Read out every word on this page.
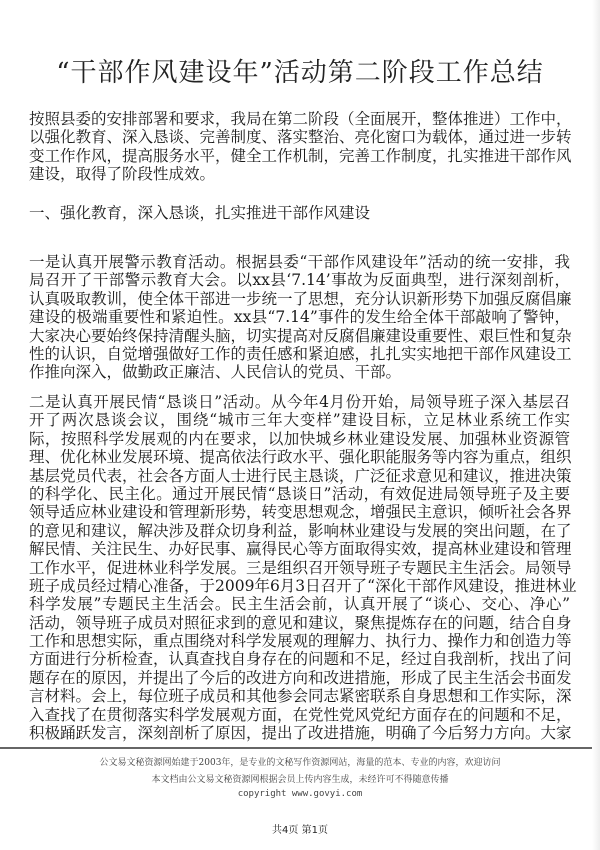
“干部作风建设年”活动第二阶段工作总结
按照县委的安排部署和要求，我局在第二阶段（全面展开，整体推进）工作中，
以强化教育、深入恳谈、完善制度、落实整治、亮化窗口为载体，通过进一步转
变工作作风，提高服务水平，健全工作机制，完善工作制度，扎实推进干部作风
建设，取得了阶段性成效。
一、强化教育，深入恳谈，扎实推进干部作风建设
一是认真开展警示教育活动。根据县委“干部作风建设年”活动的统一安排，我
局召开了干部警示教育大会。以xx县‘7.14’事故为反面典型，进行深刻剖析，
认真吸取教训，使全体干部进一步统一了思想，充分认识新形势下加强反腐倡廉
建设的极端重要性和紧迫性。xx县“7.14”事件的发生给全体干部敲响了警钟，
大家决心要始终保持清醒头脑，切实提高对反腐倡廉建设重要性、艰巨性和复杂
性的认识，自觉增强做好工作的责任感和紧迫感，扎扎实实地把干部作风建设工
作推向深入，做勤政正廉洁、人民信认的党员、干部。
二是认真开展民情“恳谈日”活动。从今年4月份开始，局领导班子深入基层召
开了两次恳谈会议，围绕“城市三年大变样”建设目标，立足林业系统工作实
际，按照科学发展观的内在要求，以加快城乡林业建设发展、加强林业资源管
理、优化林业发展环境、提高依法行政水平、强化职能服务等内容为重点，组织
基层党员代表，社会各方面人士进行民主恳谈，广泛征求意见和建议，推进决策
的科学化、民主化。通过开展民情“恳谈日”活动，有效促进局领导班子及主要
领导适应林业建设和管理新形势，转变思想观念，增强民主意识，倾听社会各界
的意见和建议，解决涉及群众切身利益，影响林业建设与发展的突出问题，在了
解民情、关注民生、办好民事、赢得民心等方面取得实效，提高林业建设和管理
工作水平，促进林业科学发展。三是组织召开领导班子专题民主生活会。局领导
班子成员经过精心准备，于2009年6月3日召开了“深化干部作风建设，推进林业
科学发展”专题民主生活会。民主生活会前，认真开展了“谈心、交心、净心”
活动，领导班子成员对照征求到的意见和建议，聚焦提炼存在的问题，结合自身
工作和思想实际，重点围绕对科学发展观的理解力、执行力、操作力和创造力等
方面进行分析检查，认真查找自身存在的问题和不足，经过自我剖析，找出了问
题存在的原因，并提出了今后的改进方向和改进措施，形成了民主生活会书面发
言材料。会上，每位班子成员和其他参会同志紧密联系自身思想和工作实际，深
入查找了在贯彻落实科学发展观方面，在党性党风党纪方面存在的问题和不足，
积极踊跃发言，深刻剖析了原因，提出了改进措施，明确了今后努力方向。大家
公文易文秘资源网始建于2003年，是专业的文秘写作资源网站，海量的范本、专业的内容，欢迎访问
本文档由公文易文秘资源网根据会员上传内容生成，未经许可不得随意传播
copyright www.govyi.com
共4页 第1页
